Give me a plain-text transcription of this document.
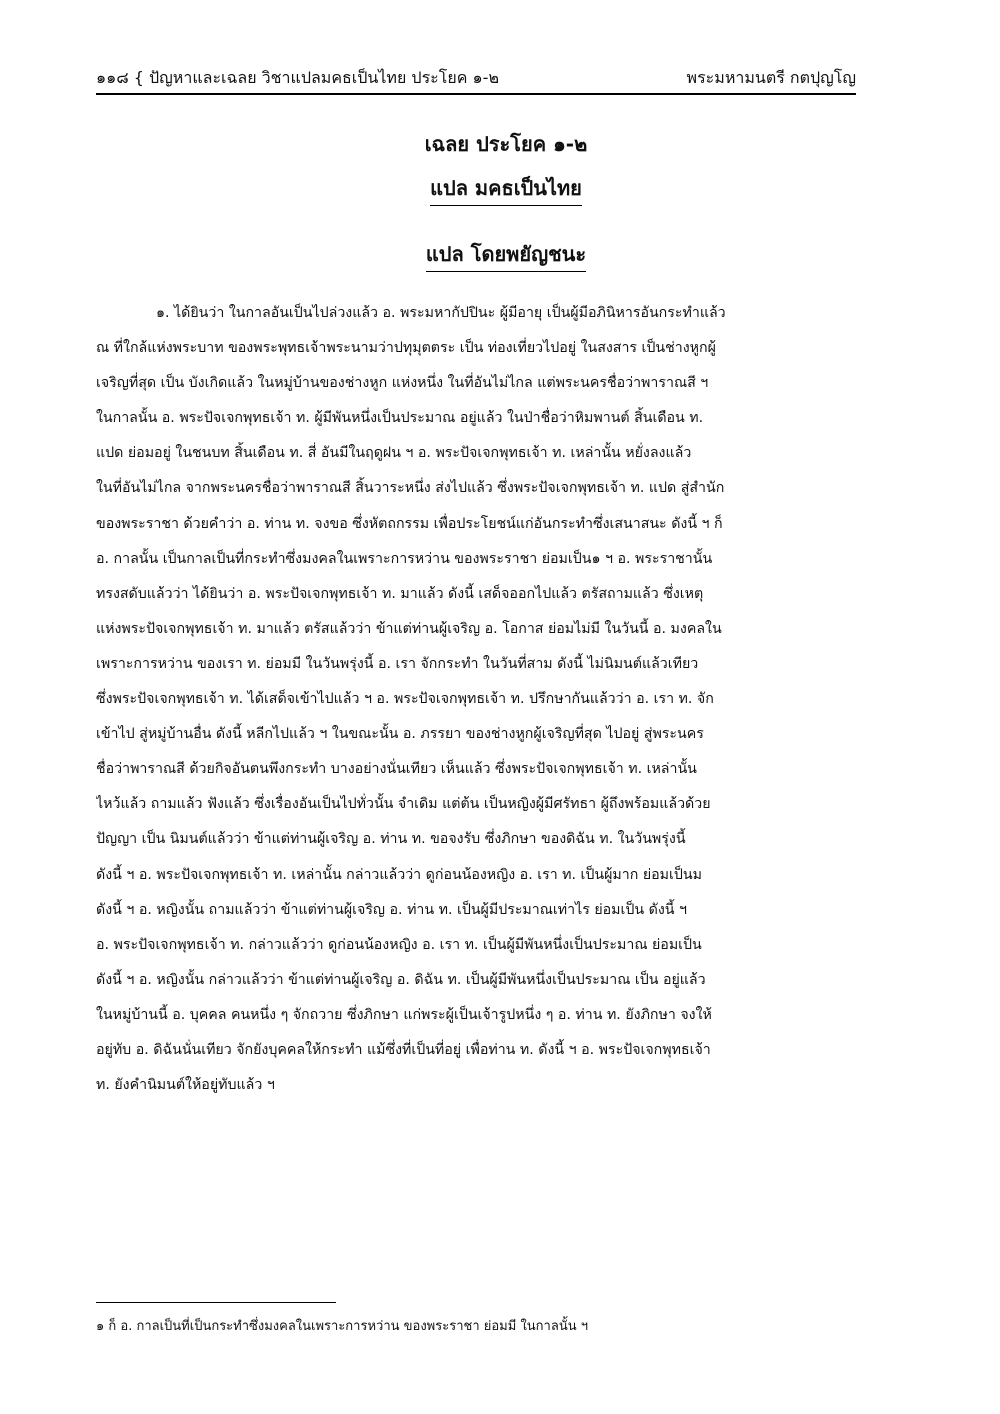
๑๑๘ { ปัญหาและเฉลย วิชาแปลมคธเป็นไทย ประโยค ๑-๒	พระมหามนตรี กตปุญโญ
เฉลย ประโยค ๑-๒
แปล มคธเป็นไทย
แปล โดยพยัญชนะ
๑. ได้ยินว่า ในกาลอันเป็นไปล่วงแล้ว อ. พระมหากัปปินะ ผู้มีอายุ เป็นผู้มีอภินิหารอันกระทำแล้ว
ณ ที่ใกล้แห่งพระบาท ของพระพุทธเจ้าพระนามว่าปทุมุตตระ เป็น ท่องเที่ยวไปอยู่ ในสงสาร เป็นช่างหูกผู้
เจริญที่สุด เป็น บังเกิดแล้ว ในหมู่บ้านของช่างหูก แห่งหนึ่ง ในที่อันไม่ไกล แต่พระนครชื่อว่าพาราณสี ฯ
ในกาลนั้น อ. พระปัจเจกพุทธเจ้า ท. ผู้มีพันหนึ่งเป็นประมาณ อยู่แล้ว ในป่าชื่อว่าหิมพานต์ สิ้นเดือน ท.
แปด ย่อมอยู่ ในชนบท สิ้นเดือน ท. สี่ อันมีในฤดูฝน ฯ อ. พระปัจเจกพุทธเจ้า ท. เหล่านั้น หยั่งลงแล้ว
ในที่อันไม่ไกล จากพระนครชื่อว่าพาราณสี สิ้นวาระหนึ่ง ส่งไปแล้ว ซึ่งพระปัจเจกพุทธเจ้า ท. แปด สู่สำนัก
ของพระราชา ด้วยคำว่า อ. ท่าน ท. จงขอ ซึ่งหัตถกรรม เพื่อประโยชน์แก่อันกระทำซึ่งเสนาสนะ ดังนี้ ฯ ก็
อ. กาลนั้น เป็นกาลเป็นที่กระทำซึ่งมงคลในเพราะการหว่าน ของพระราชา ย่อมเป็น๑ ฯ อ. พระราชานั้น
ทรงสดับแล้วว่า ได้ยินว่า อ. พระปัจเจกพุทธเจ้า ท. มาแล้ว ดังนี้ เสด็จออกไปแล้ว ตรัสถามแล้ว ซึ่งเหตุ
แห่งพระปัจเจกพุทธเจ้า ท. มาแล้ว ตรัสแล้วว่า ข้าแต่ท่านผู้เจริญ อ. โอกาส ย่อมไม่มี ในวันนี้ อ. มงคลใน
เพราะการหว่าน ของเรา ท. ย่อมมี ในวันพรุ่งนี้ อ. เรา จักกระทำ ในวันที่สาม ดังนี้ ไม่นิมนต์แล้วเทียว
ซึ่งพระปัจเจกพุทธเจ้า ท. ได้เสด็จเข้าไปแล้ว ฯ อ. พระปัจเจกพุทธเจ้า ท. ปรึกษากันแล้วว่า อ. เรา ท. จัก
เข้าไป สู่หมู่บ้านอื่น ดังนี้ หลีกไปแล้ว ฯ ในขณะนั้น อ. ภรรยา ของช่างหูกผู้เจริญที่สุด ไปอยู่ สู่พระนคร
ชื่อว่าพาราณสี ด้วยกิจอันตนพึงกระทำ บางอย่างนั่นเทียว เห็นแล้ว ซึ่งพระปัจเจกพุทธเจ้า ท. เหล่านั้น
ไหว้แล้ว ถามแล้ว ฟังแล้ว ซึ่งเรื่องอันเป็นไปทั่วนั้น จำเดิม แต่ต้น เป็นหญิงผู้มีศรัทธา ผู้ถึงพร้อมแล้วด้วย
ปัญญา เป็น นิมนต์แล้วว่า ข้าแต่ท่านผู้เจริญ อ. ท่าน ท. ขอจงรับ ซึ่งภิกษา ของดิฉัน ท. ในวันพรุ่งนี้
ดังนี้ ฯ อ. พระปัจเจกพุทธเจ้า ท. เหล่านั้น กล่าวแล้วว่า ดูก่อนน้องหญิง อ. เรา ท. เป็นผู้มาก ย่อมเป็นม
ดังนี้ ฯ อ. หญิงนั้น ถามแล้วว่า ข้าแต่ท่านผู้เจริญ อ. ท่าน ท. เป็นผู้มีประมาณเท่าไร ย่อมเป็น ดังนี้ ฯ
อ. พระปัจเจกพุทธเจ้า ท. กล่าวแล้วว่า ดูก่อนน้องหญิง อ. เรา ท. เป็นผู้มีพันหนึ่งเป็นประมาณ ย่อมเป็น
ดังนี้ ฯ อ. หญิงนั้น กล่าวแล้วว่า ข้าแต่ท่านผู้เจริญ อ. ดิฉัน ท. เป็นผู้มีพันหนึ่งเป็นประมาณ เป็น อยู่แล้ว
ในหมู่บ้านนี้ อ. บุคคล คนหนึ่ง ๆ จักถวาย ซึ่งภิกษา แก่พระผู้เป็นเจ้ารูปหนึ่ง ๆ อ. ท่าน ท. ยังภิกษา จงให้
อยู่ทับ อ. ดิฉันนั่นเทียว จักยังบุคคลให้กระทำ แม้ซึ่งที่เป็นที่อยู่ เพื่อท่าน ท. ดังนี้ ฯ อ. พระปัจเจกพุทธเจ้า
ท. ยังคำนิมนต์ให้อยู่ทับแล้ว ฯ
๑ ก็ อ. กาลเป็นที่เป็นกระทำซึ่งมงคลในเพราะการหว่าน ของพระราชา ย่อมมี ในกาลนั้น ฯ
